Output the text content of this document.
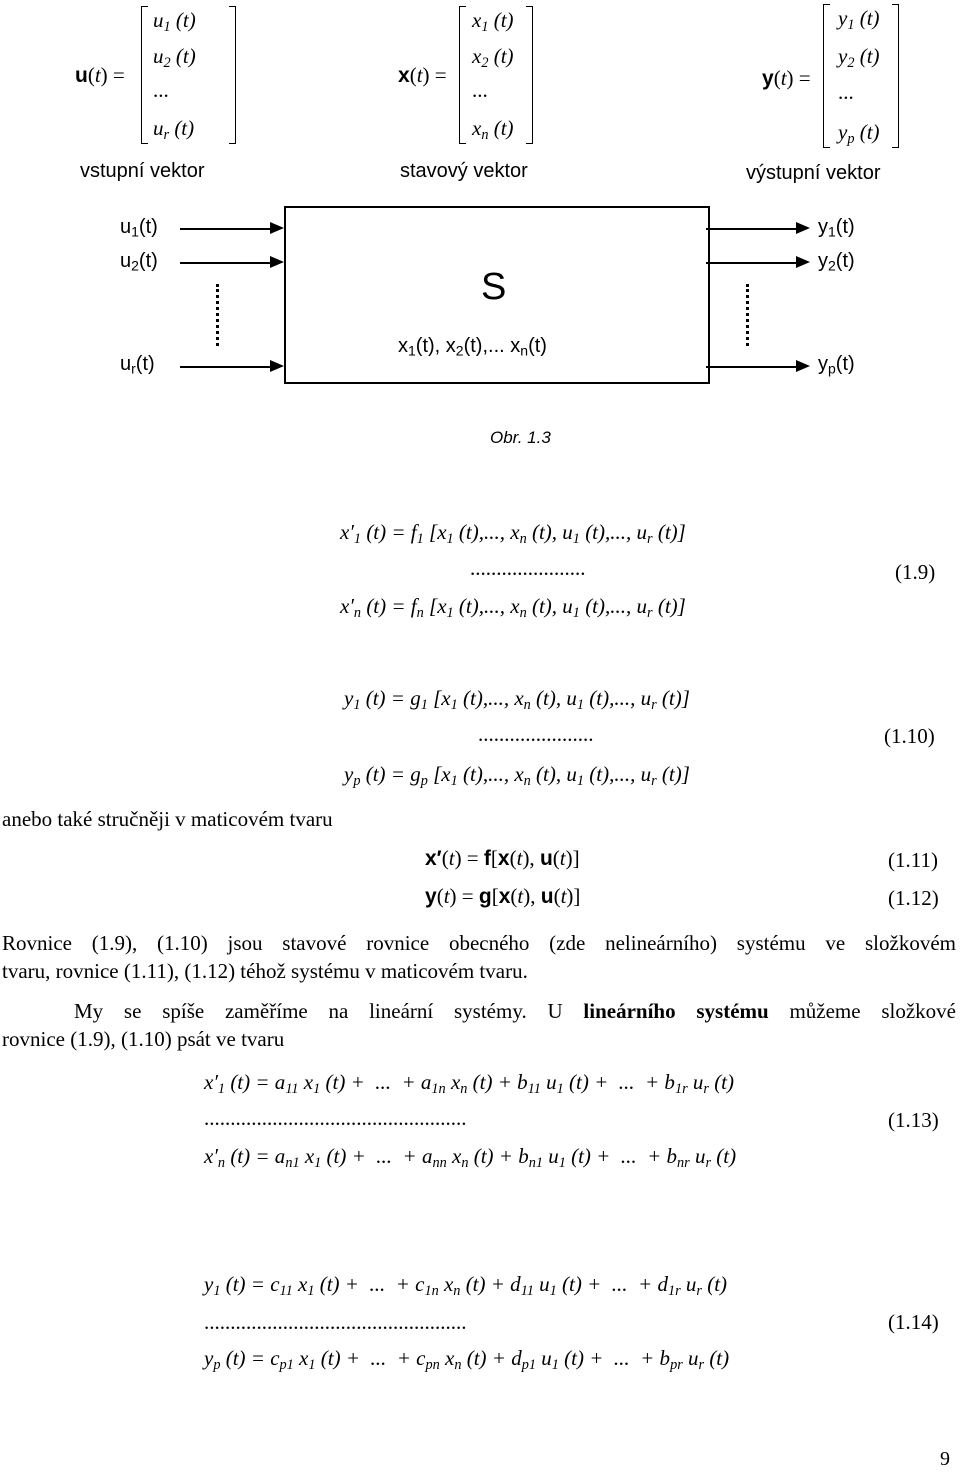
u(t) =
$u_1$ (t)
$u_2$ (t)
...
$u_r$ (t)
vstupní vektor
x(t) =
$x_1$ (t)
$x_2$ (t)
...
$x_n$ (t)
stavový vektor
y(t) =
$y_1$ (t)
$y_2$ (t)
...
$y_p$ (t)
výstupní vektor
S
x1(t), x2(t),... xn(t)
u1(t)
u2(t)
ur(t)
y1(t)
y2(t)
yp(t)
Obr. 1.3
$x'_1$ $(t) = f_1$ [$x_1$ (t),..., $x_n$ (t), $u_1$ (t),..., $u_r$ (t)]
......................
$x'_n$ $(t) = f_n$ [$x_1$ (t),..., $x_n$ (t), $u_1$ (t),..., $u_r$ (t)]
(1.9)
$y_1$ $(t) = g_1$ [$x_1$ (t),..., $x_n$ (t), $u_1$ (t),..., $u_r$ (t)]
......................
$y_p$ $(t) = g_p$ [$x_1$ (t),..., $x_n$ (t), $u_1$ (t),..., $u_r$ (t)]
(1.10)
anebo také stručněji v maticovém tvaru
x′(t) = f[x(t), u(t)]	(1.11)
y(t) = g[x(t), u(t)]	(1.12)
Rovnice (1.9), (1.10) jsou stavové rovnice obecného (zde nelineárního) systému ve složkovém
tvaru, rovnice (1.11), (1.12) téhož systému v maticovém tvaru.
My se spíše zaměříme na lineární systémy. U lineárního systému můžeme složkové
rovnice (1.9), (1.10) psát ve tvaru
$x'_1$ $(t) = a_{11}$ $x_1$ (t) +  ...  + $a_{1n}$ $x_n$ $(t) + b_{11}$ $u_1$ (t) +  ...  + $b_{1r}$ $u_r$ (t)
..................................................
$x'_n$ $(t) = a_{n1}$ $x_1$ (t) +  ...  + $a_{nn}$ $x_n$ $(t) + b_{n1}$ $u_1$ (t) +  ...  + $b_{nr}$ $u_r$ (t)
(1.13)
$y_1$ $(t) = c_{11}$ $x_1$ (t) +  ...  + $c_{1n}$ $x_n$ $(t) + d_{11}$ $u_1$ (t) +  ...  + $d_{1r}$ $u_r$ (t)
..................................................
$y_p$ $(t) = c_{p1}$ $x_1$ (t) +  ...  + $c_{pn}$ $x_n$ $(t) + d_{p1}$ $u_1$ (t) +  ...  + $b_{pr}$ $u_r$ (t)
(1.14)
9
